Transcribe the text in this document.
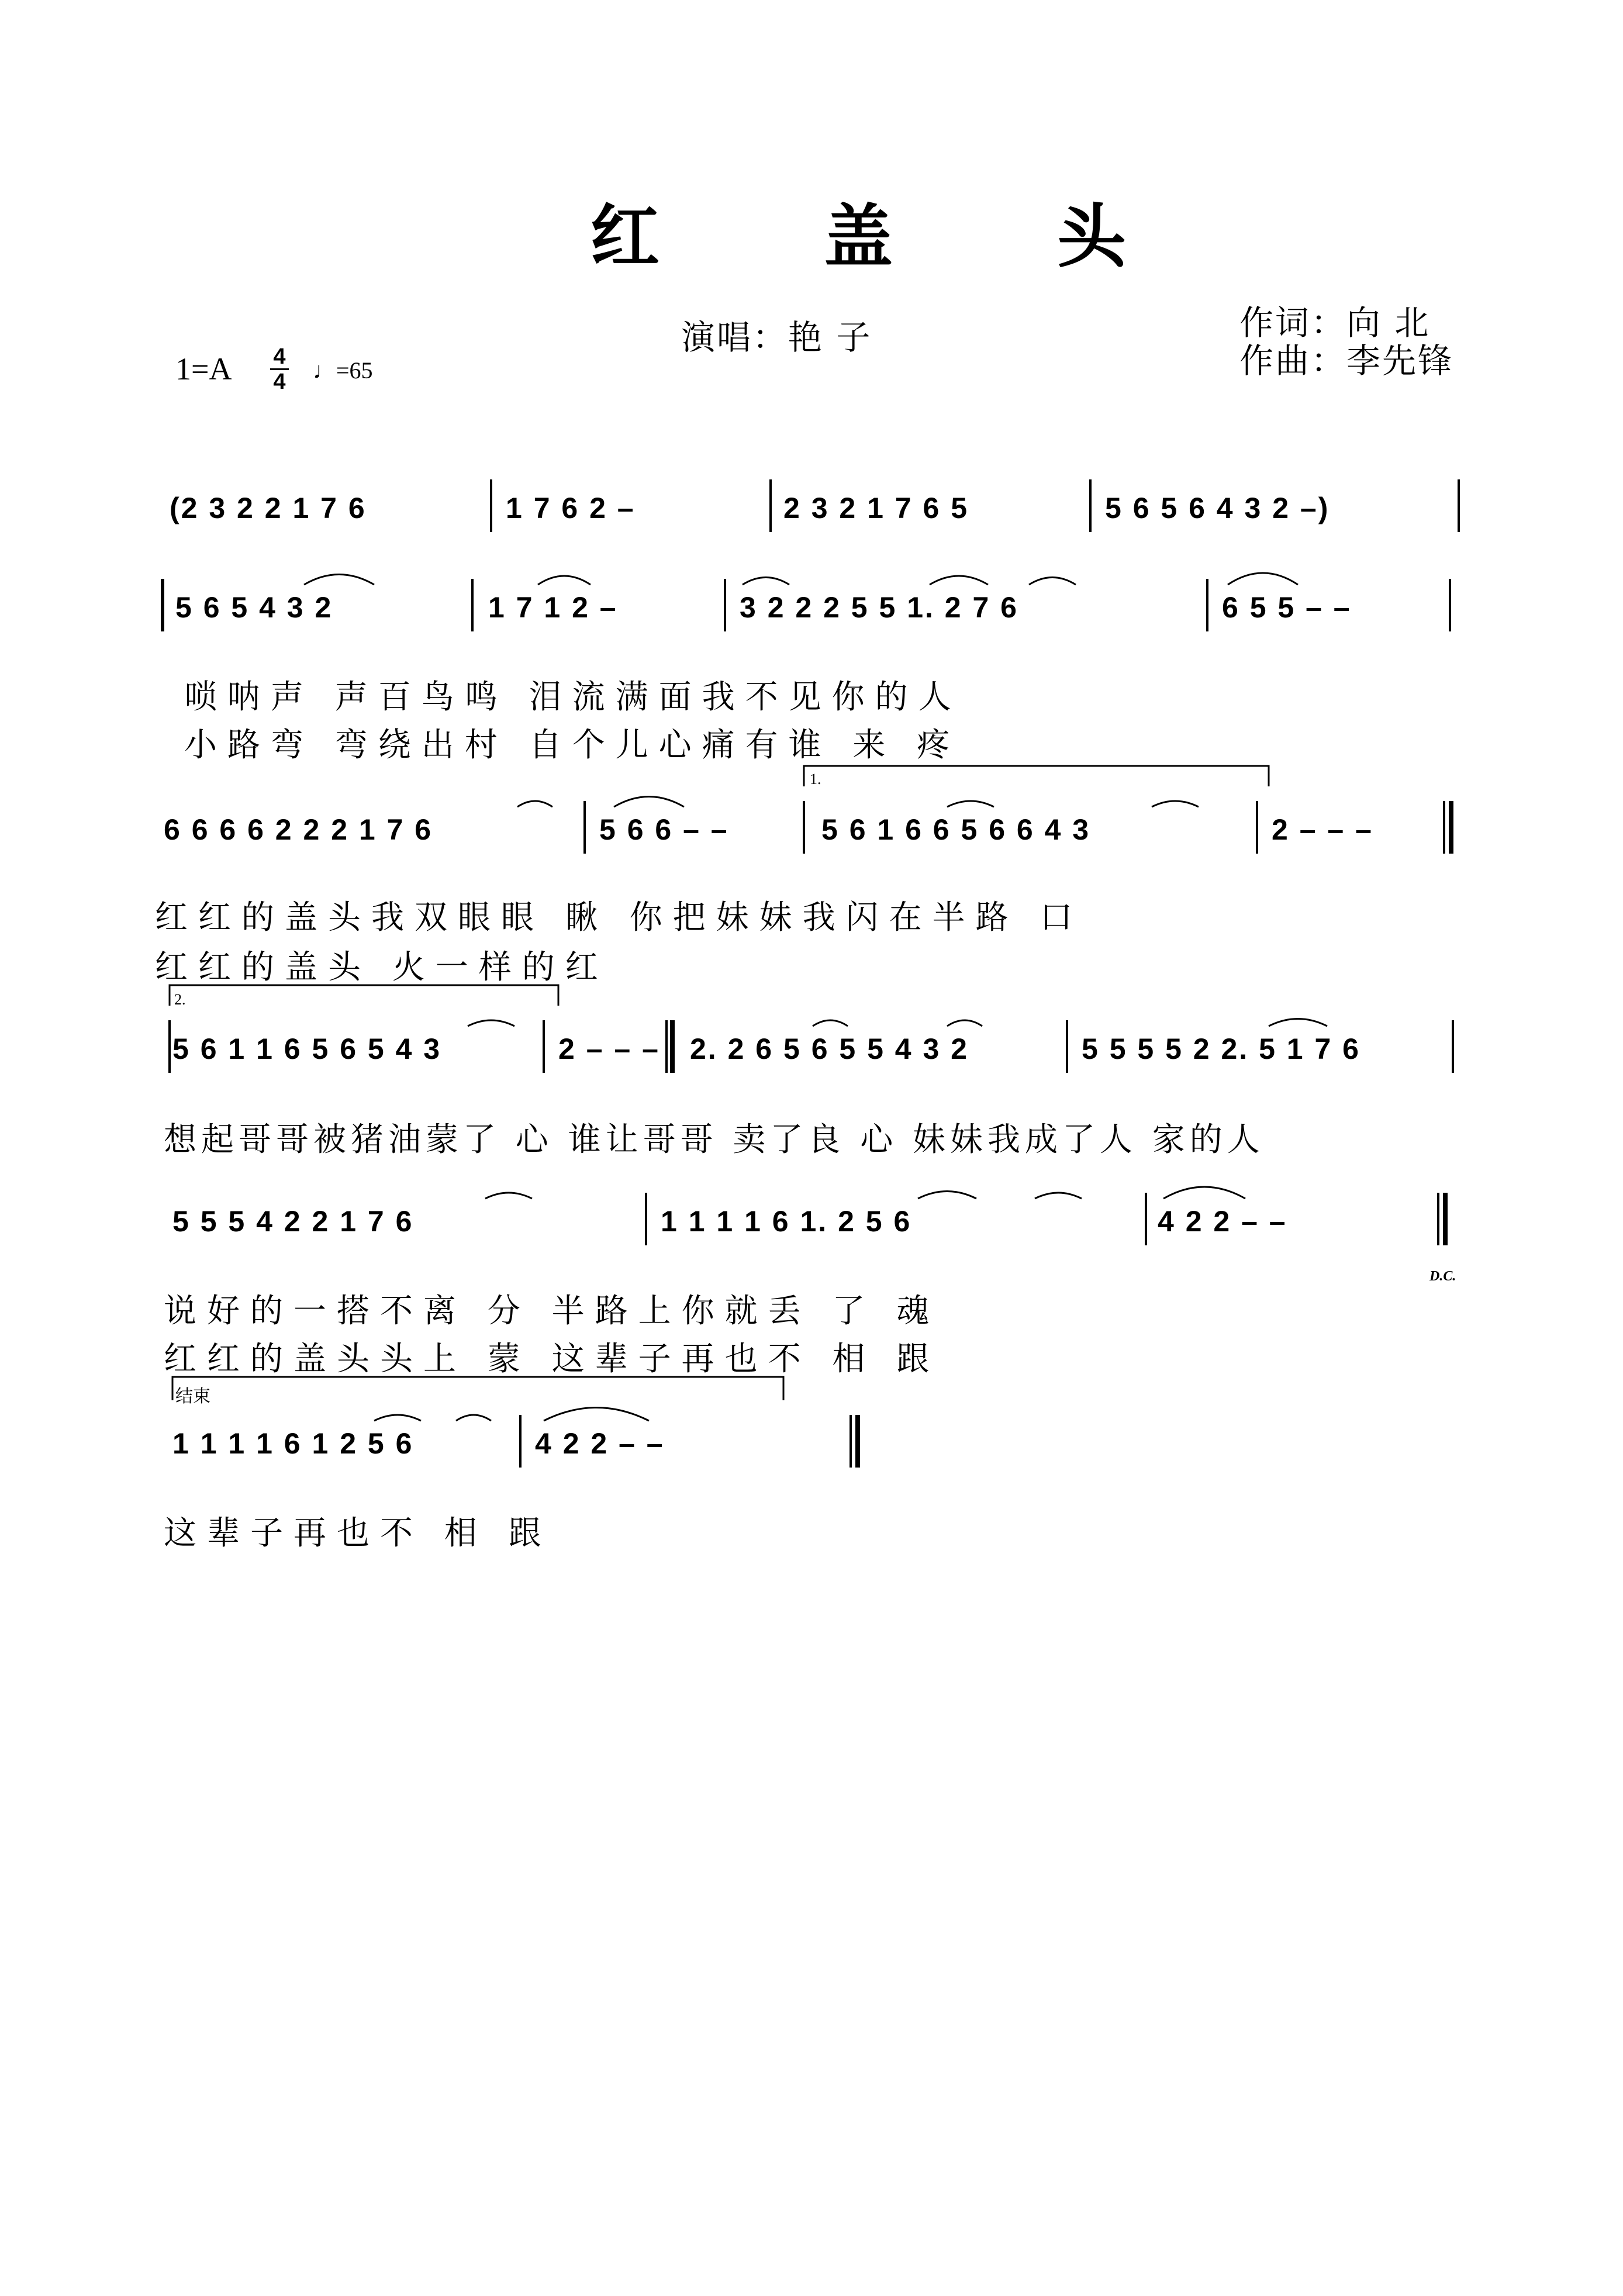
红 盖 头
演唱：艳 子	作词：向 北
作曲：李先锋
1=A 4
4 ♩=65
(2 3 2 2 1 7 6	1 7 6 2 –	2 3 2 1 7 6 5	5 6 5 6 4 3 2 –)
5 6 5 4 3 2	1 7 1 2 –	3 2 2 2 5 5 1. 2 7 6	6 5 5 – –
唢呐声 声百鸟鸣 泪流满面我不见你的人
小路弯 弯绕出村 自个儿心痛有谁 来 疼
6 6 6 6 2 2 2 1 7 6	5 6 6 – –	5 6 1 6 6 5 6 6 4 3	2 – – –
1.
红红的盖头我双眼眼 瞅 你把妹妹我闪在半路 口
红红的盖头 火一样的红
2.
5 6 1 1 6 5 6 5 4 3	2 – – – 2. 2 6 5 6 5 5 4 3 2	5 5 5 5 2 2. 5 1 7 6
想起哥哥被猪油蒙了 心 谁让哥哥 卖了良 心 妹妹我成了人 家的人
5 5 5 4 2 2 1 7 6	1 1 1 1 6 1. 2 5 6	4 2 2 – –
D.C.
说好的一搭不离 分 半路上你就丢 了 魂
红红的盖头头上 蒙 这辈子再也不 相 跟
结束
1 1 1 1 6 1 2 5 6	4 2 2 – –
这辈子再也不 相 跟
